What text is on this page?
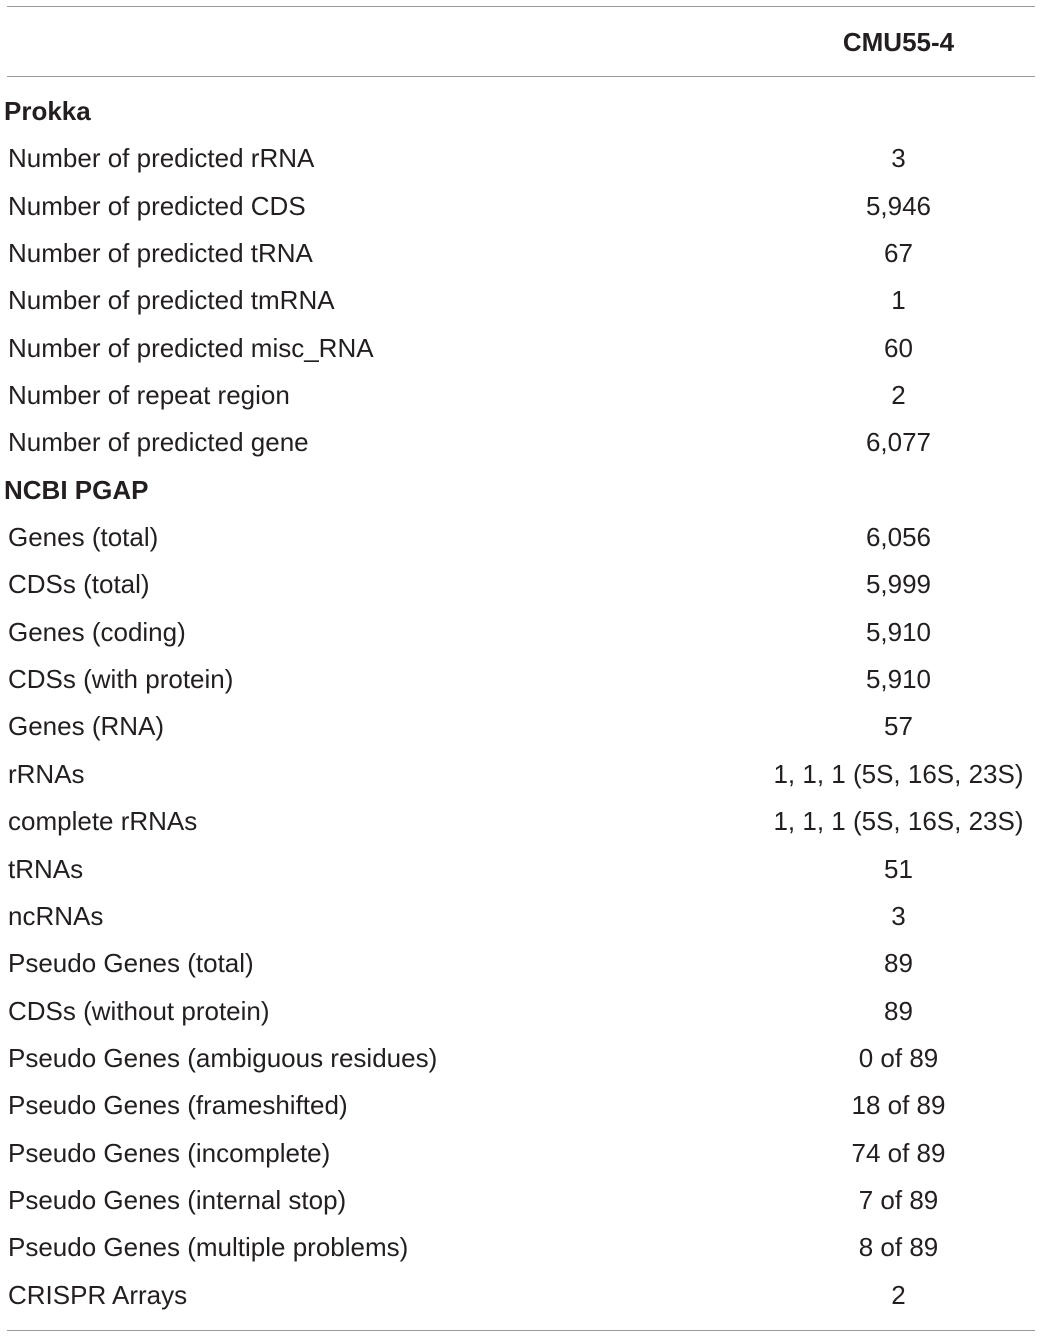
CMU55-4
Prokka
Number of predicted rRNA	3
Number of predicted CDS	5,946
Number of predicted tRNA	67
Number of predicted tmRNA	1
Number of predicted misc_RNA	60
Number of repeat region	2
Number of predicted gene	6,077
NCBI PGAP
Genes (total)	6,056
CDSs (total)	5,999
Genes (coding)	5,910
CDSs (with protein)	5,910
Genes (RNA)	57
rRNAs	1, 1, 1 (5S, 16S, 23S)
complete rRNAs	1, 1, 1 (5S, 16S, 23S)
tRNAs	51
ncRNAs	3
Pseudo Genes (total)	89
CDSs (without protein)	89
Pseudo Genes (ambiguous residues)	0 of 89
Pseudo Genes (frameshifted)	18 of 89
Pseudo Genes (incomplete)	74 of 89
Pseudo Genes (internal stop)	7 of 89
Pseudo Genes (multiple problems)	8 of 89
CRISPR Arrays	2
